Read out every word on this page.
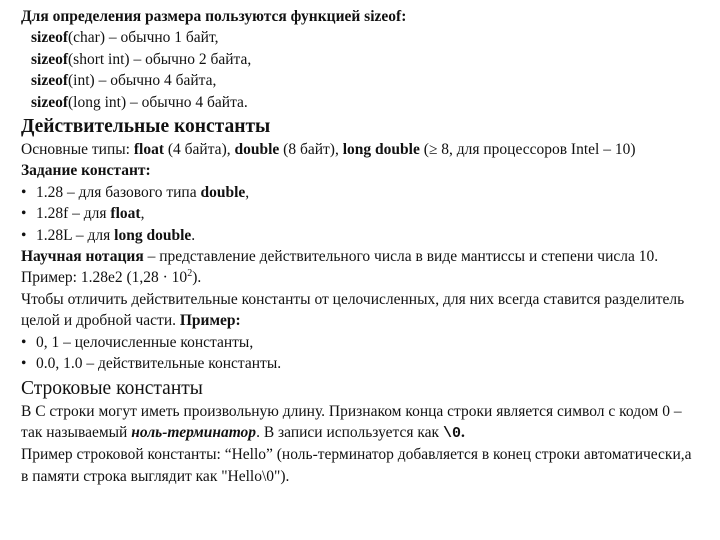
Для определения размера пользуются функцией sizeof:
sizeof(char) – обычно 1 байт,
sizeof(short int) – обычно 2 байта,
sizeof(int) – обычно 4 байта,
sizeof(long int) – обычно 4 байта.
Действительные константы
Основные типы: float (4 байта), double (8 байт), long double (≥ 8, для процессоров Intel – 10)
Задание констант:
• 1.28 – для базового типа double,
• 1.28f – для float,
• 1.28L – для long double.
Научная нотация – представление действительного числа в виде мантиссы и степени числа 10. Пример: 1.28e2 $(1,28 \cdot 10^2)$.
Чтобы отличить действительные константы от целочисленных, для них всегда ставится разделитель целой и дробной части. Пример:
• 0, 1 – целочисленные константы,
• 0.0, 1.0 – действительные константы.
Строковые константы
В С строки могут иметь произвольную длину. Признаком конца строки является символ с кодом 0 – так называемый ноль-терминатор. В записи используется как \0.
Пример строковой константы: “Hello” (ноль-терминатор добавляется в конец строки автоматически,а в памяти строка выглядит как "Hello\0").
